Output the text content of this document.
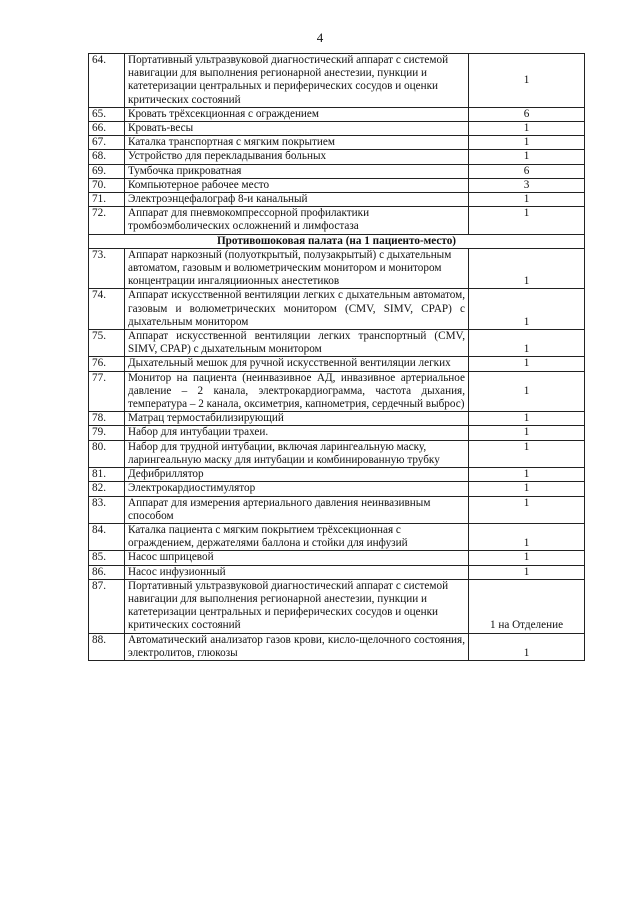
4
64.	Портативный ультразвуковой диагностический аппарат с системой навигации для выполнения регионарной анестезии, пункции и катетеризации центральных и периферических сосудов и оценки критических состояний	1
65.	Кровать трёхсекционная с ограждением	6
66.	Кровать-весы	1
67.	Каталка транспортная с мягким покрытием	1
68.	Устройство для перекладывания больных	1
69.	Тумбочка прикроватная	6
70.	Компьютерное рабочее место	3
71.	Электроэнцефалограф 8-и канальный	1
72.	Аппарат для пневмокомпрессорной профилактики тромбоэмболических осложнений и лимфостаза	1
Противошоковая палата (на 1 пациенто-место)		
73.	Аппарат наркозный (полуоткрытый, полузакрытый) с дыхательным автоматом, газовым и волюметрическим монитором и монитором концентрации ингаляциионных анестетиков	1
74.	Аппарат искусственной вентиляции легких с дыхательным автоматом, газовым и волюметрических монитором (CMV, SIMV, CPAP) с дыхательным монитором	1
75.	Аппарат искусственной вентиляции легких транспортный (CMV, SIMV, CPAP) с дыхательным монитором	1
76.	Дыхательный мешок для ручной искусственной вентиляции легких	1
77.	Монитор на пациента (неинвазивное АД, инвазивное артериальное давление – 2 канала, электрокардиограмма, частота дыхания, температура – 2 канала, оксиметрия, капнометрия, сердечный выброс)	1
78.	Матрац термостабилизирующий	1
79.	Набор для интубации трахеи.	1
80.	Набор для трудной интубации, включая ларингеальную маску, ларингеальную маску для интубации и комбинированную трубку	1
81.	Дефибриллятор	1
82.	Электрокардиостимулятор	1
83.	Аппарат для измерения артериального давления неинвазивным способом	1
84.	Каталка пациента с мягким покрытием трёхсекционная с ограждением, держателями баллона и стойки для инфузий	1
85.	Насос шприцевой	1
86.	Насос инфузионный	1
87.	Портативный ультразвуковой диагностический аппарат с системой навигации для выполнения регионарной анестезии, пункции и катетеризации центральных и периферических сосудов и оценки критических состояний	1 на Отделение
88.	Автоматический анализатор газов крови, кисло-щелочного состояния, электролитов, глюкозы	1
